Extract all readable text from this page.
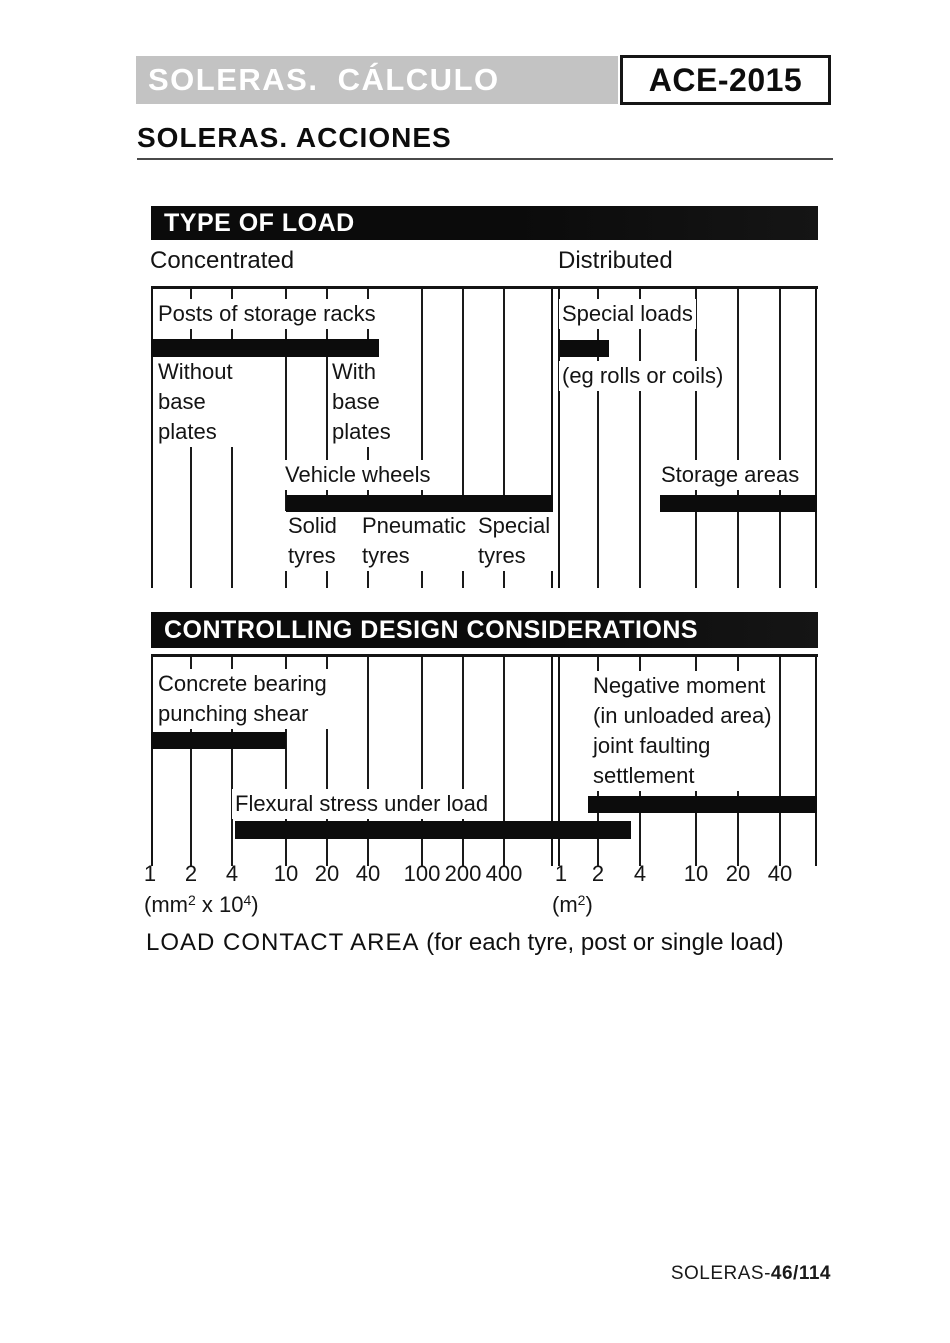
SOLERAS. CÁLCULO	ACE-2015
SOLERAS. ACCIONES
Concentrated	Distributed
TYPE OF LOAD
Posts of storage racks
Without
base
plates
With
base
plates
Vehicle wheels
Solid
tyres
Pneumatic
tyres
Special
tyres
Special loads
(eg rolls or coils)
Storage areas
CONTROLLING DESIGN CONSIDERATIONS
Concrete bearing
punching shear
Flexural stress under load
Negative moment
(in unloaded area)
joint faulting
settlement
1	2	4	10 20 40	100 200 400
($mm^2$ x $10^4$)
1	2	4	10 20 40
$(m^2)$
LOAD CONTACT AREA (for each tyre, post or single load)
SOLERAS-46/114
